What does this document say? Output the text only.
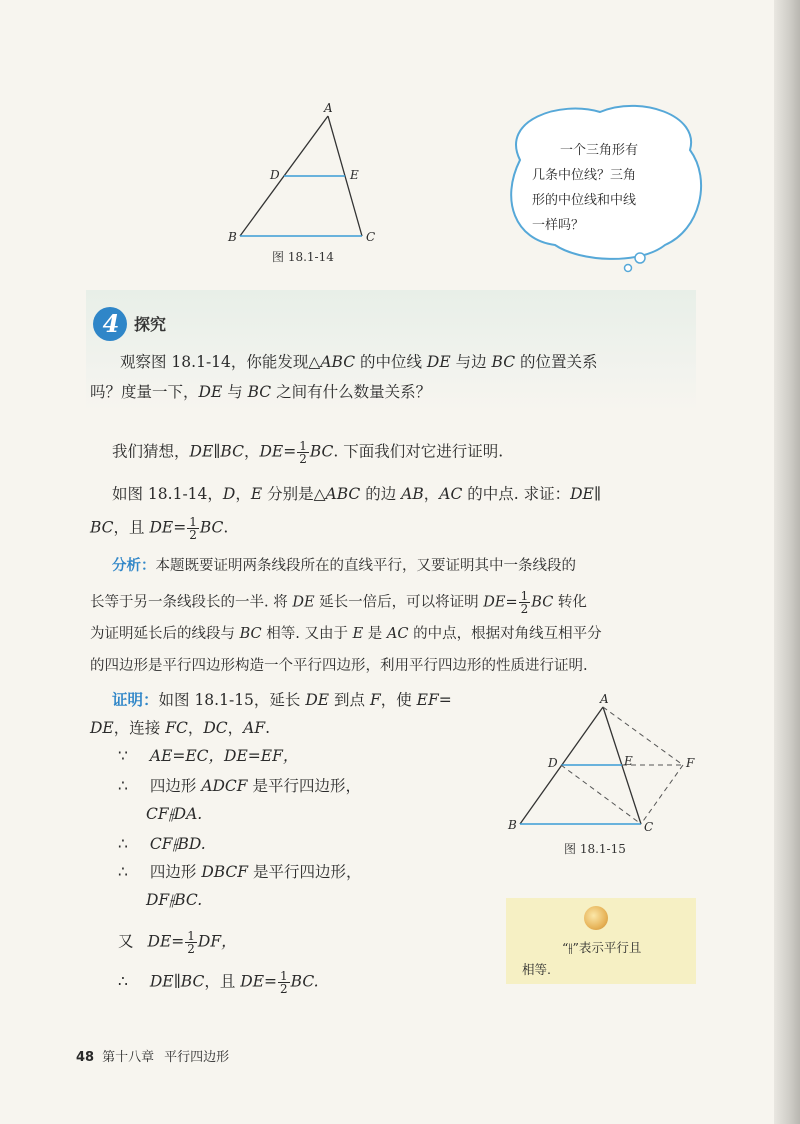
A
B	C
D	E
图 18.1-14
一个三角形有
几条中位线？三角
形的中位线和中线
一样吗？
4 探究
观察图 18.1-14，你能发现△ABC 的中位线 DE 与边 BC 的位置关系
吗？度量一下，DE 与 BC 之间有什么数量关系？
我们猜想，DE∥BC，$DE= \frac{1}{2}$ BC. 下面我们对它进行证明.
如图 18.1-14，D，E 分别是△ABC 的边 AB，AC 的中点. 求证：DE∥
BC，且 $DE= \frac{1}{2}$ BC.
分析：本题既要证明两条线段所在的直线平行，又要证明其中一条线段的
长等于另一条线段长的一半. 将 DE 延长一倍后，可以将证明 $DE= \frac{1}{2}$ BC 转化
为证明延长后的线段与 BC 相等. 又由于 E 是 AC 的中点，根据对角线互相平分
的四边形是平行四边形构造一个平行四边形，利用平行四边形的性质进行证明.
证明：如图 18.1-15，延长 DE 到点 F，使 EF=
DE，连接 FC，DC，AF.
∵ AE=EC，DE=EF，
∴ 四边形 ADCF 是平行四边形，
CF⫲DA.
∴ CF⫲BD.
∴ 四边形 DBCF 是平行四边形，
DF⫲BC.
又 $DE= \frac{1}{2}$ DF，
∴ DE∥BC，且 $DE= \frac{1}{2}$ BC.
A
B	C
D	E	F
图 18.1-15
“⫲”表示平行且
相等.
48 第十八章 平行四边形
